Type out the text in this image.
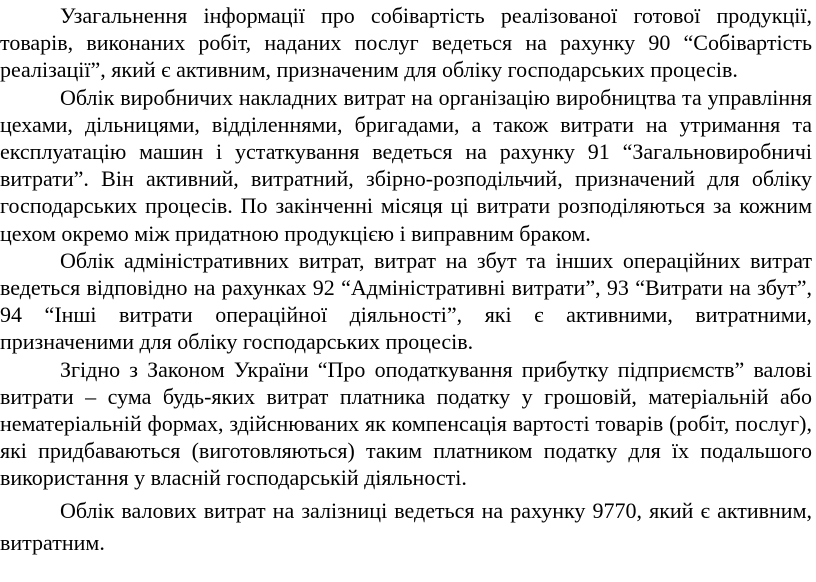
Узагальнення інформації про собівартість реалізованої готової продукції, товарів, виконаних робіт, наданих послуг ведеться на рахунку 90 “Собівартість реалізації”, який є активним, призначеним для обліку господарських процесів.

Облік виробничих накладних витрат на організацію виробництва та управління цехами, дільницями, відділеннями, бригадами, а також витрати на утримання та експлуатацію машин і устаткування ведеться на рахунку 91 “Загальновиробничі витрати”. Він активний, витратний, збірно-розподільчий, призначений для обліку господарських процесів. По закінченні місяця ці витрати розподіляються за кожним цехом окремо між придатною продукцією і виправним браком.

Облік адміністративних витрат, витрат на збут та інших операційних витрат ведеться відповідно на рахунках 92 “Адміністративні витрати”, 93 “Витрати на збут”, 94 “Інші витрати операційної діяльності”, які є активними, витратними, призначеними для обліку господарських процесів.

Згідно з Законом України “Про оподаткування прибутку підприємств” валові витрати – сума будь-яких витрат платника податку у грошовій, матеріальній або нематеріальній формах, здійснюваних як компенсація вартості товарів (робіт, послуг), які придбаваються (виготовляються) таким платником податку для їх подальшого використання у власній господарській діяльності.

Облік валових витрат на залізниці ведеться на рахунку 9770, який є активним, витратним.
